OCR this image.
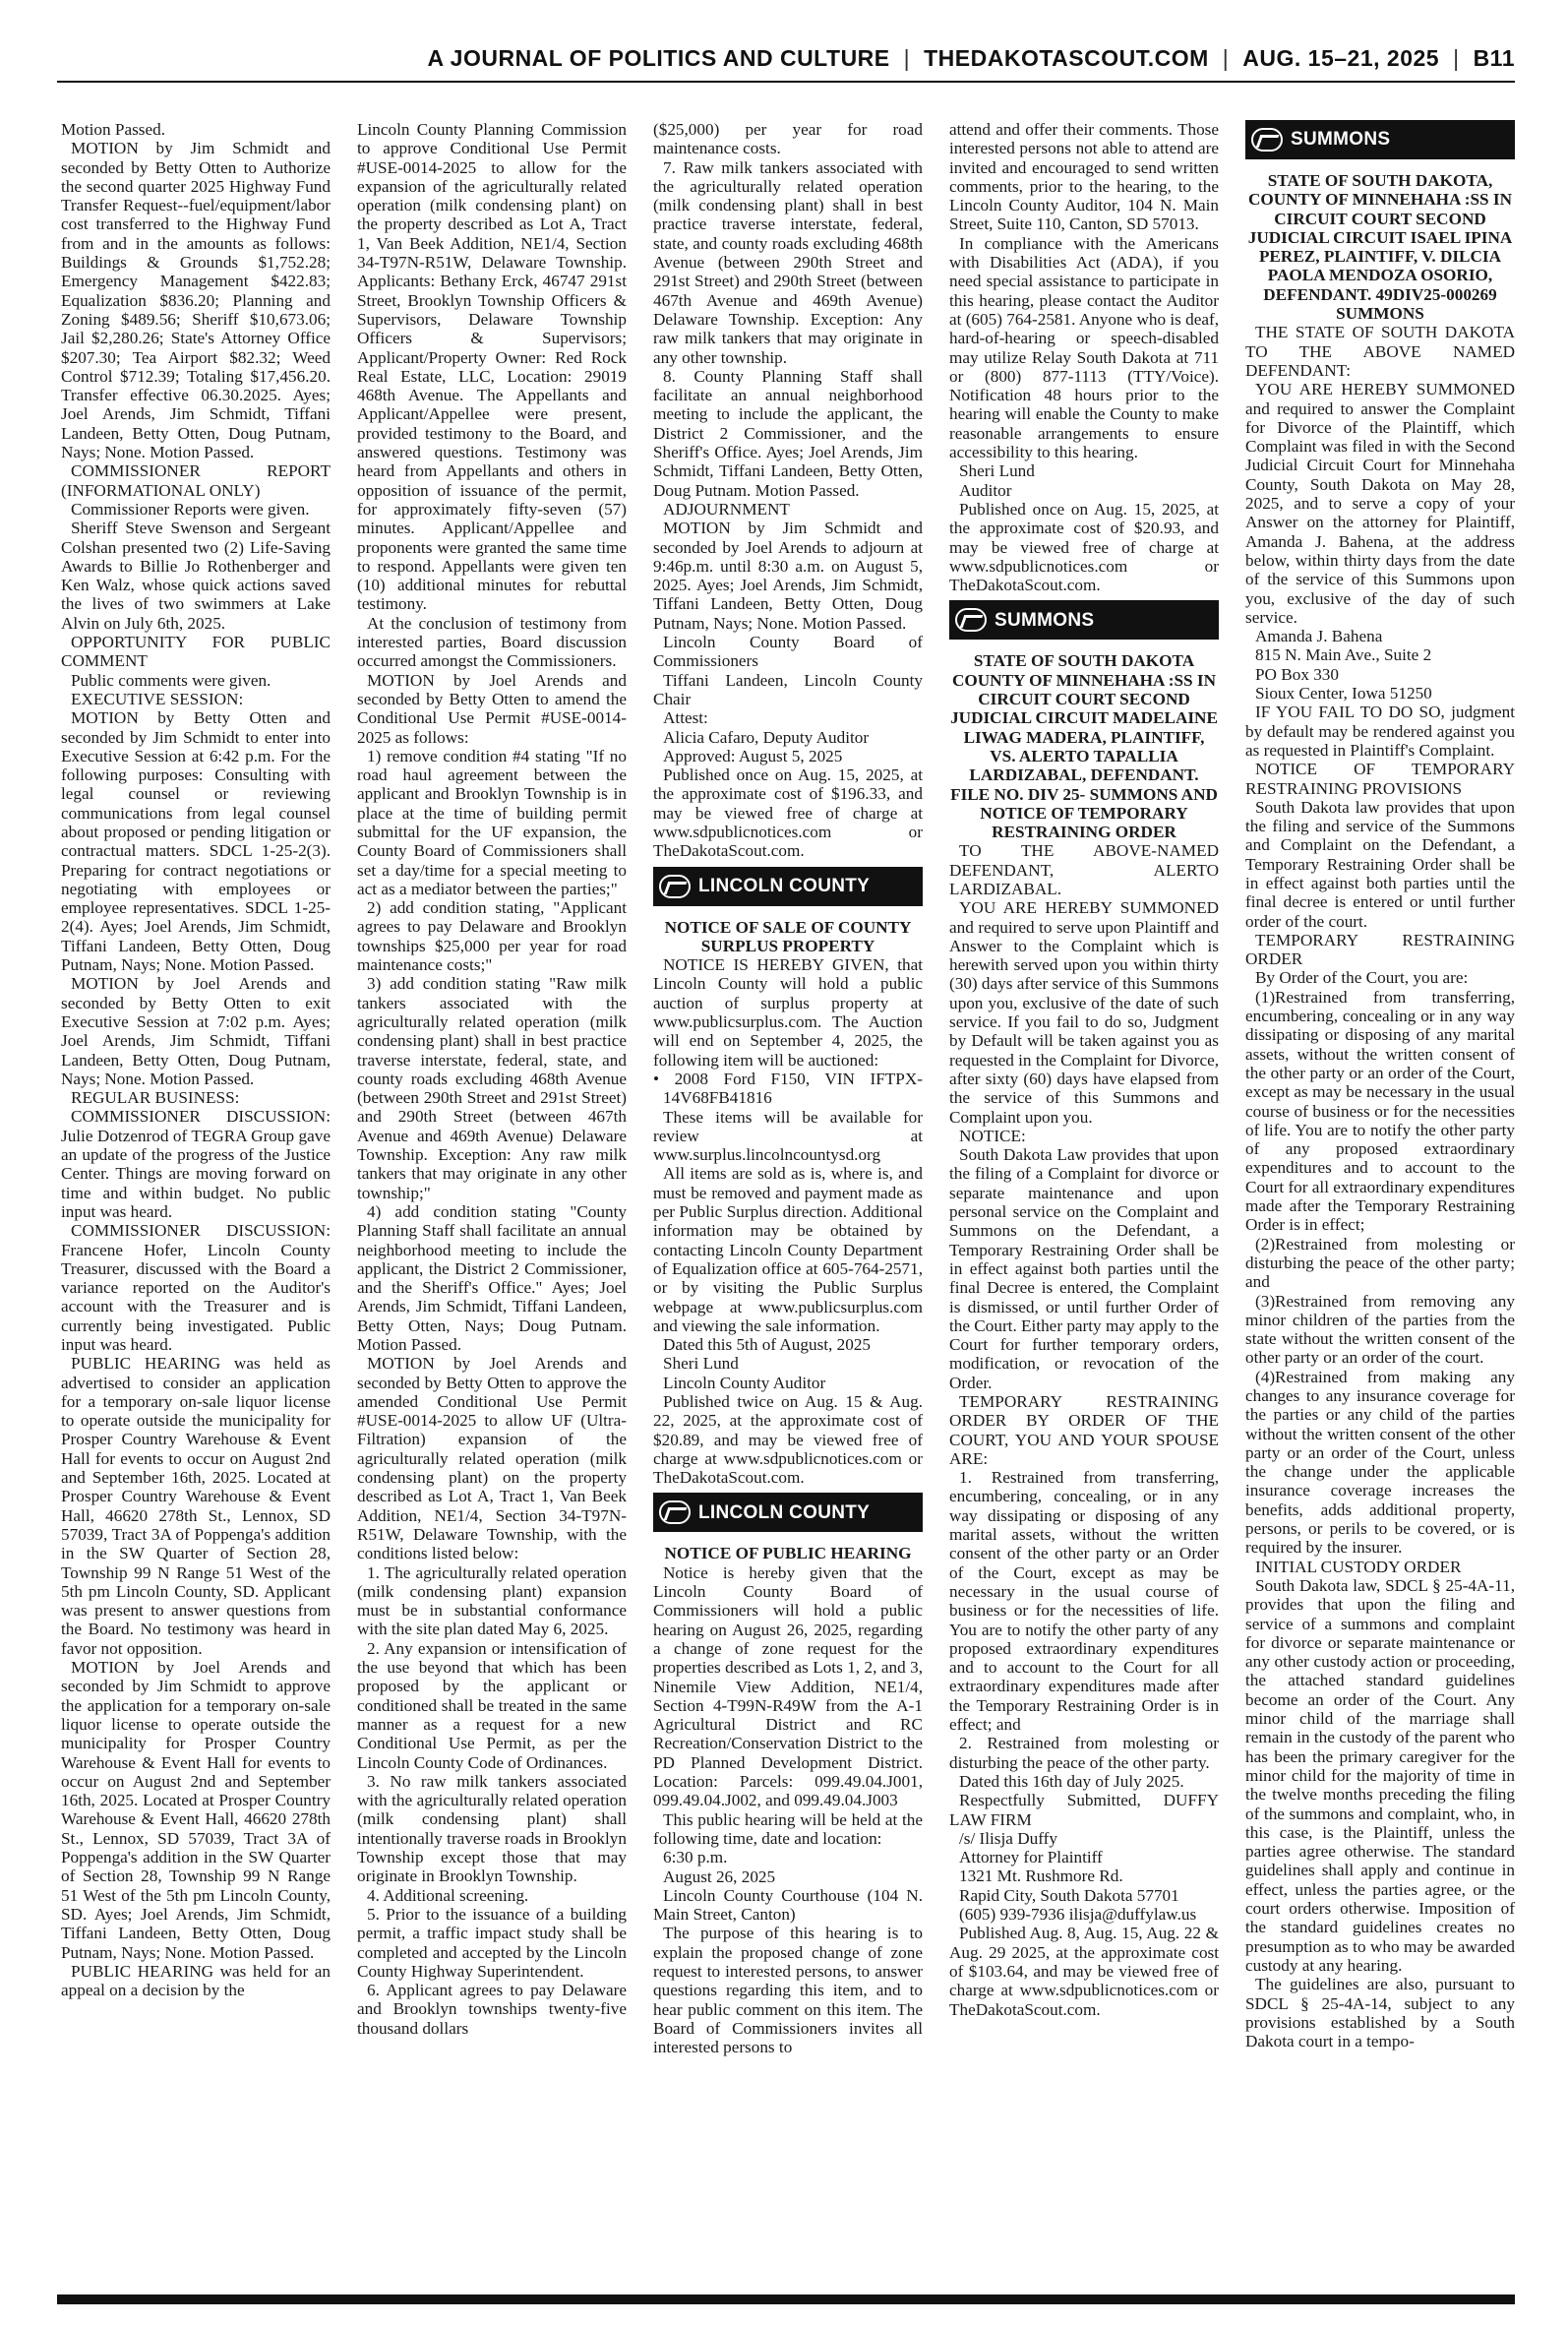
A JOURNAL OF POLITICS AND CULTURE | THEDAKOTASCOUT.COM | AUG. 15–21, 2025 | B11

Motion Passed.

MOTION by Jim Schmidt and seconded by Betty Otten to Authorize the second quarter 2025 Highway Fund Transfer Request--fuel/equipment/labor cost transferred to the Highway Fund from and in the amounts as follows: Buildings & Grounds $1,752.28; Emergency Management $422.83; Equalization $836.20; Planning and Zoning $489.56; Sheriff $10,673.06; Jail $2,280.26; State's Attorney Office $207.30; Tea Airport $82.32; Weed Control $712.39; Totaling $17,456.20. Transfer effective 06.30.2025. Ayes; Joel Arends, Jim Schmidt, Tiffani Landeen, Betty Otten, Doug Putnam, Nays; None. Motion Passed.

COMMISSIONER REPORT (INFORMATIONAL ONLY)

Commissioner Reports were given.

Sheriff Steve Swenson and Sergeant Colshan presented two (2) Life-Saving Awards to Billie Jo Rothenberger and Ken Walz, whose quick actions saved the lives of two swimmers at Lake Alvin on July 6th, 2025.

OPPORTUNITY FOR PUBLIC COMMENT

Public comments were given.

EXECUTIVE SESSION:

MOTION by Betty Otten and seconded by Jim Schmidt to enter into Executive Session at 6:42 p.m. For the following purposes: Consulting with legal counsel or reviewing communications from legal counsel about proposed or pending litigation or contractual matters. SDCL 1-25-2(3). Preparing for contract negotiations or negotiating with employees or employee representatives. SDCL 1-25-2(4). Ayes; Joel Arends, Jim Schmidt, Tiffani Landeen, Betty Otten, Doug Putnam, Nays; None. Motion Passed.

MOTION by Joel Arends and seconded by Betty Otten to exit Executive Session at 7:02 p.m. Ayes; Joel Arends, Jim Schmidt, Tiffani Landeen, Betty Otten, Doug Putnam, Nays; None. Motion Passed.

REGULAR BUSINESS:

COMMISSIONER DISCUSSION: Julie Dotzenrod of TEGRA Group gave an update of the progress of the Justice Center. Things are moving forward on time and within budget. No public input was heard.

COMMISSIONER DISCUSSION: Francene Hofer, Lincoln County Treasurer, discussed with the Board a variance reported on the Auditor's account with the Treasurer and is currently being investigated. Public input was heard.

PUBLIC HEARING was held as advertised to consider an application for a temporary on-sale liquor license to operate outside the municipality for Prosper Country Warehouse & Event Hall for events to occur on August 2nd and September 16th, 2025. Located at Prosper Country Warehouse & Event Hall, 46620 278th St., Lennox, SD 57039, Tract 3A of Poppenga's addition in the SW Quarter of Section 28, Township 99 N Range 51 West of the 5th pm Lincoln County, SD. Applicant was present to answer questions from the Board. No testimony was heard in favor not opposition.

MOTION by Joel Arends and seconded by Jim Schmidt to approve the application for a temporary on-sale liquor license to operate outside the municipality for Prosper Country Warehouse & Event Hall for events to occur on August 2nd and September 16th, 2025. Located at Prosper Country Warehouse & Event Hall, 46620 278th St., Lennox, SD 57039, Tract 3A of Poppenga's addition in the SW Quarter of Section 28, Township 99 N Range 51 West of the 5th pm Lincoln County, SD. Ayes; Joel Arends, Jim Schmidt, Tiffani Landeen, Betty Otten, Doug Putnam, Nays; None. Motion Passed.

PUBLIC HEARING was held for an appeal on a decision by the

Lincoln County Planning Commission to approve Conditional Use Permit #USE-0014-2025 to allow for the expansion of the agriculturally related operation (milk condensing plant) on the property described as Lot A, Tract 1, Van Beek Addition, NE1/4, Section 34-T97N-R51W, Delaware Township. Applicants: Bethany Erck, 46747 291st Street, Brooklyn Township Officers & Supervisors, Delaware Township Officers & Supervisors; Applicant/Property Owner: Red Rock Real Estate, LLC, Location: 29019 468th Avenue. The Appellants and Applicant/Appellee were present, provided testimony to the Board, and answered questions. Testimony was heard from Appellants and others in opposition of issuance of the permit, for approximately fifty-seven (57) minutes. Applicant/Appellee and proponents were granted the same time to respond. Appellants were given ten (10) additional minutes for rebuttal testimony.

At the conclusion of testimony from interested parties, Board discussion occurred amongst the Commissioners.

MOTION by Joel Arends and seconded by Betty Otten to amend the Conditional Use Permit #USE-0014-2025 as follows:

1) remove condition #4 stating "If no road haul agreement between the applicant and Brooklyn Township is in place at the time of building permit submittal for the UF expansion, the County Board of Commissioners shall set a day/time for a special meeting to act as a mediator between the parties;"

2) add condition stating, "Applicant agrees to pay Delaware and Brooklyn townships $25,000 per year for road maintenance costs;"

3) add condition stating "Raw milk tankers associated with the agriculturally related operation (milk condensing plant) shall in best practice traverse interstate, federal, state, and county roads excluding 468th Avenue (between 290th Street and 291st Street) and 290th Street (between 467th Avenue and 469th Avenue) Delaware Township. Exception: Any raw milk tankers that may originate in any other township;"

4) add condition stating "County Planning Staff shall facilitate an annual neighborhood meeting to include the applicant, the District 2 Commissioner, and the Sheriff's Office." Ayes; Joel Arends, Jim Schmidt, Tiffani Landeen, Betty Otten, Nays; Doug Putnam. Motion Passed.

MOTION by Joel Arends and seconded by Betty Otten to approve the amended Conditional Use Permit #USE-0014-2025 to allow UF (Ultra-Filtration) expansion of the agriculturally related operation (milk condensing plant) on the property described as Lot A, Tract 1, Van Beek Addition, NE1/4, Section 34-T97N-R51W, Delaware Township, with the conditions listed below:

1. The agriculturally related operation (milk condensing plant) expansion must be in substantial conformance with the site plan dated May 6, 2025.

2. Any expansion or intensification of the use beyond that which has been proposed by the applicant or conditioned shall be treated in the same manner as a request for a new Conditional Use Permit, as per the Lincoln County Code of Ordinances.

3. No raw milk tankers associated with the agriculturally related operation (milk condensing plant) shall intentionally traverse roads in Brooklyn Township except those that may originate in Brooklyn Township.

4. Additional screening.

5. Prior to the issuance of a building permit, a traffic impact study shall be completed and accepted by the Lincoln County Highway Superintendent.

6. Applicant agrees to pay Delaware and Brooklyn townships twenty-five thousand dollars

($25,000) per year for road maintenance costs.

7. Raw milk tankers associated with the agriculturally related operation (milk condensing plant) shall in best practice traverse interstate, federal, state, and county roads excluding 468th Avenue (between 290th Street and 291st Street) and 290th Street (between 467th Avenue and 469th Avenue) Delaware Township. Exception: Any raw milk tankers that may originate in any other township.

8. County Planning Staff shall facilitate an annual neighborhood meeting to include the applicant, the District 2 Commissioner, and the Sheriff's Office. Ayes; Joel Arends, Jim Schmidt, Tiffani Landeen, Betty Otten, Doug Putnam. Motion Passed.

ADJOURNMENT

MOTION by Jim Schmidt and seconded by Joel Arends to adjourn at 9:46p.m. until 8:30 a.m. on August 5, 2025. Ayes; Joel Arends, Jim Schmidt, Tiffani Landeen, Betty Otten, Doug Putnam, Nays; None. Motion Passed.

Lincoln County Board of Commissioners

Tiffani Landeen, Lincoln County Chair

Attest:

Alicia Cafaro, Deputy Auditor

Approved: August 5, 2025

Published once on Aug. 15, 2025, at the approximate cost of $196.33, and may be viewed free of charge at www.sdpublicnotices.com or TheDakotaScout.com.

LINCOLN COUNTY

NOTICE OF SALE OF COUNTY SURPLUS PROPERTY

NOTICE IS HEREBY GIVEN, that Lincoln County will hold a public auction of surplus property at www.publicsurplus.com. The Auction will end on September 4, 2025, the following item will be auctioned:

• 2008 Ford F150, VIN IFTPX-14V68FB41816

These items will be available for review at www.surplus.lincolncountysd.org

All items are sold as is, where is, and must be removed and payment made as per Public Surplus direction. Additional information may be obtained by contacting Lincoln County Department of Equalization office at 605-764-2571, or by visiting the Public Surplus webpage at www.publicsurplus.com and viewing the sale information.

Dated this 5th of August, 2025

Sheri Lund

Lincoln County Auditor

Published twice on Aug. 15 & Aug. 22, 2025, at the approximate cost of $20.89, and may be viewed free of charge at www.sdpublicnotices.com or TheDakotaScout.com.

LINCOLN COUNTY

NOTICE OF PUBLIC HEARING

Notice is hereby given that the Lincoln County Board of Commissioners will hold a public hearing on August 26, 2025, regarding a change of zone request for the properties described as Lots 1, 2, and 3, Ninemile View Addition, NE1/4, Section 4-T99N-R49W from the A-1 Agricultural District and RC Recreation/Conservation District to the PD Planned Development District. Location: Parcels: 099.49.04.J001, 099.49.04.J002, and 099.49.04.J003

This public hearing will be held at the following time, date and location:

6:30 p.m.

August 26, 2025

Lincoln County Courthouse (104 N. Main Street, Canton)

The purpose of this hearing is to explain the proposed change of zone request to interested persons, to answer questions regarding this item, and to hear public comment on this item. The Board of Commissioners invites all interested persons to

attend and offer their comments. Those interested persons not able to attend are invited and encouraged to send written comments, prior to the hearing, to the Lincoln County Auditor, 104 N. Main Street, Suite 110, Canton, SD 57013.

In compliance with the Americans with Disabilities Act (ADA), if you need special assistance to participate in this hearing, please contact the Auditor at (605) 764-2581. Anyone who is deaf, hard-of-hearing or speech-disabled may utilize Relay South Dakota at 711 or (800) 877-1113 (TTY/Voice). Notification 48 hours prior to the hearing will enable the County to make reasonable arrangements to ensure accessibility to this hearing.

Sheri Lund

Auditor

Published once on Aug. 15, 2025, at the approximate cost of $20.93, and may be viewed free of charge at www.sdpublicnotices.com or TheDakotaScout.com.

SUMMONS

STATE OF SOUTH DAKOTA COUNTY OF MINNEHAHA :SS IN CIRCUIT COURT SECOND JUDICIAL CIRCUIT MADELAINE LIWAG MADERA, PLAINTIFF, VS. ALERTO TAPALLIA LARDIZABAL, DEFENDANT. FILE NO. DIV 25- SUMMONS AND NOTICE OF TEMPORARY RESTRAINING ORDER

TO THE ABOVE-NAMED DEFENDANT, ALERTO LARDIZABAL.

YOU ARE HEREBY SUMMONED and required to serve upon Plaintiff and Answer to the Complaint which is herewith served upon you within thirty (30) days after service of this Summons upon you, exclusive of the date of such service. If you fail to do so, Judgment by Default will be taken against you as requested in the Complaint for Divorce, after sixty (60) days have elapsed from the service of this Summons and Complaint upon you.

NOTICE:

South Dakota Law provides that upon the filing of a Complaint for divorce or separate maintenance and upon personal service on the Complaint and Summons on the Defendant, a Temporary Restraining Order shall be in effect against both parties until the final Decree is entered, the Complaint is dismissed, or until further Order of the Court. Either party may apply to the Court for further temporary orders, modification, or revocation of the Order.

TEMPORARY RESTRAINING ORDER BY ORDER OF THE COURT, YOU AND YOUR SPOUSE ARE:

1. Restrained from transferring, encumbering, concealing, or in any way dissipating or disposing of any marital assets, without the written consent of the other party or an Order of the Court, except as may be necessary in the usual course of business or for the necessities of life. You are to notify the other party of any proposed extraordinary expenditures and to account to the Court for all extraordinary expenditures made after the Temporary Restraining Order is in effect; and

2. Restrained from molesting or disturbing the peace of the other party.

Dated this 16th day of July 2025.

Respectfully Submitted, DUFFY LAW FIRM

/s/ Ilisja Duffy

Attorney for Plaintiff

1321 Mt. Rushmore Rd.

Rapid City, South Dakota 57701

(605) 939-7936 ilisja@duffylaw.us

Published Aug. 8, Aug. 15, Aug. 22 & Aug. 29 2025, at the approximate cost of $103.64, and may be viewed free of charge at www.sdpublicnotices.com or TheDakotaScout.com.

SUMMONS

STATE OF SOUTH DAKOTA, COUNTY OF MINNEHAHA :SS IN CIRCUIT COURT SECOND JUDICIAL CIRCUIT ISAEL IPINA PEREZ, PLAINTIFF, V. DILCIA PAOLA MENDOZA OSORIO, DEFENDANT. 49DIV25-000269 SUMMONS

THE STATE OF SOUTH DAKOTA TO THE ABOVE NAMED DEFENDANT:

YOU ARE HEREBY SUMMONED and required to answer the Complaint for Divorce of the Plaintiff, which Complaint was filed in with the Second Judicial Circuit Court for Minnehaha County, South Dakota on May 28, 2025, and to serve a copy of your Answer on the attorney for Plaintiff, Amanda J. Bahena, at the address below, within thirty days from the date of the service of this Summons upon you, exclusive of the day of such service.

Amanda J. Bahena

815 N. Main Ave., Suite 2

PO Box 330

Sioux Center, Iowa 51250

IF YOU FAIL TO DO SO, judgment by default may be rendered against you as requested in Plaintiff's Complaint.

NOTICE OF TEMPORARY RESTRAINING PROVISIONS

South Dakota law provides that upon the filing and service of the Summons and Complaint on the Defendant, a Temporary Restraining Order shall be in effect against both parties until the final decree is entered or until further order of the court.

TEMPORARY RESTRAINING ORDER

By Order of the Court, you are:

(1)Restrained from transferring, encumbering, concealing or in any way dissipating or disposing of any marital assets, without the written consent of the other party or an order of the Court, except as may be necessary in the usual course of business or for the necessities of life. You are to notify the other party of any proposed extraordinary expenditures and to account to the Court for all extraordinary expenditures made after the Temporary Restraining Order is in effect;

(2)Restrained from molesting or disturbing the peace of the other party; and

(3)Restrained from removing any minor children of the parties from the state without the written consent of the other party or an order of the court.

(4)Restrained from making any changes to any insurance coverage for the parties or any child of the parties without the written consent of the other party or an order of the Court, unless the change under the applicable insurance coverage increases the benefits, adds additional property, persons, or perils to be covered, or is required by the insurer.

INITIAL CUSTODY ORDER

South Dakota law, SDCL § 25-4A-11, provides that upon the filing and service of a summons and complaint for divorce or separate maintenance or any other custody action or proceeding, the attached standard guidelines become an order of the Court. Any minor child of the marriage shall remain in the custody of the parent who has been the primary caregiver for the minor child for the majority of time in the twelve months preceding the filing of the summons and complaint, who, in this case, is the Plaintiff, unless the parties agree otherwise. The standard guidelines shall apply and continue in effect, unless the parties agree, or the court orders otherwise. Imposition of the standard guidelines creates no presumption as to who may be awarded custody at any hearing.

The guidelines are also, pursuant to SDCL § 25-4A-14, subject to any provisions established by a South Dakota court in a tempo-
